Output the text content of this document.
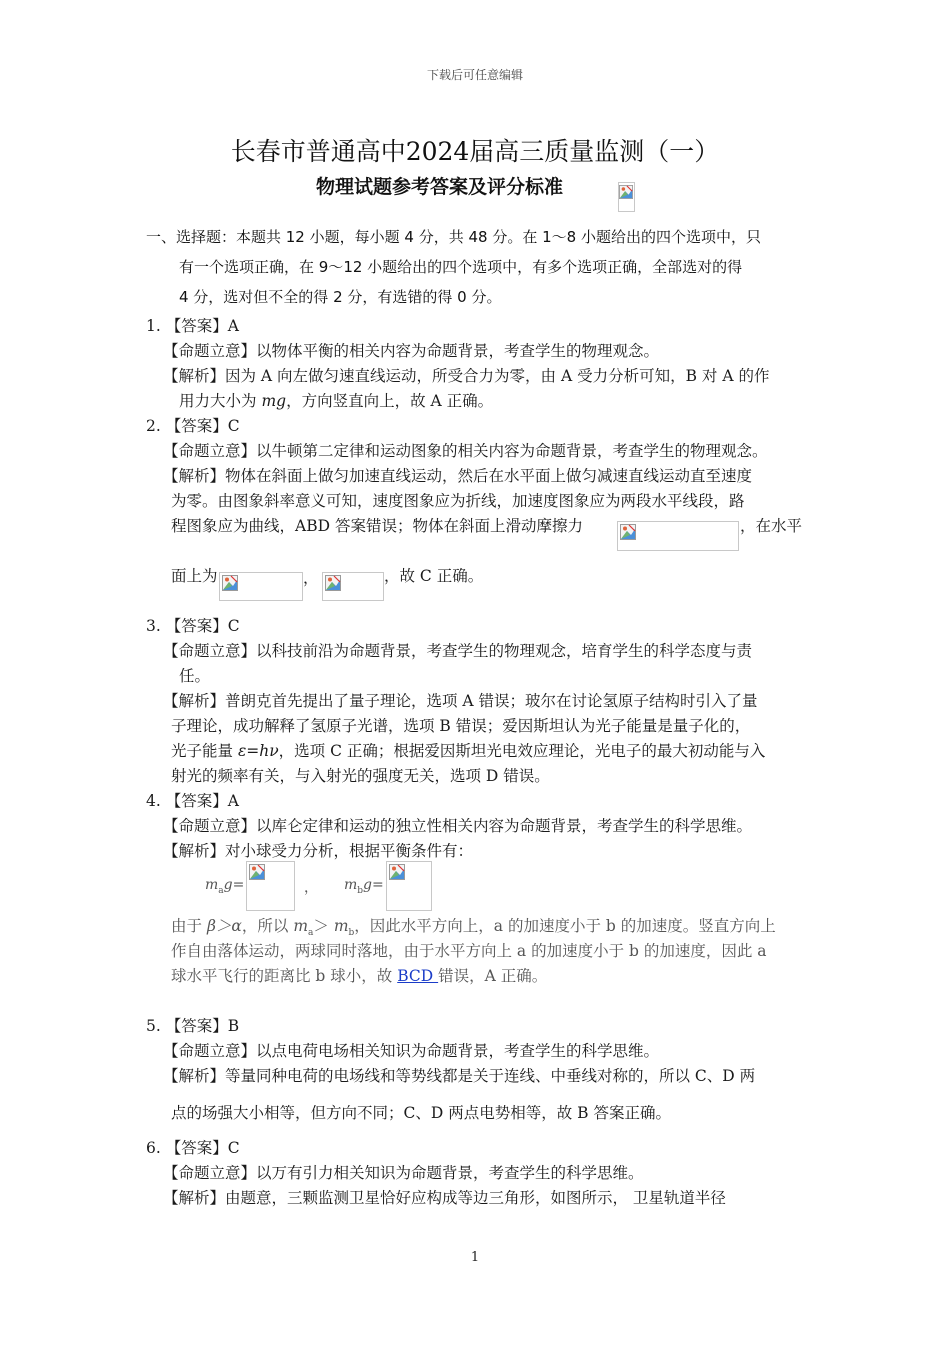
下载后可任意编辑
长春市普通高中2024届高三质量监测（一）
物理试题参考答案及评分标准
一、选择题：本题共 12 小题，每小题 4 分，共 48 分。在 1～8 小题给出的四个选项中，只
有一个选项正确，在 9～12 小题给出的四个选项中，有多个选项正确，全部选对的得
4 分，选对但不全的得 2 分，有选错的得 0 分。
1. 【答案】A
【命题立意】以物体平衡的相关内容为命题背景，考查学生的物理观念。
【解析】因为 A 向左做匀速直线运动，所受合力为零，由 A 受力分析可知，B 对 A 的作
用力大小为 mg，方向竖直向上，故 A 正确。
2. 【答案】C
【命题立意】以牛顿第二定律和运动图象的相关内容为命题背景，考查学生的物理观念。
【解析】物体在斜面上做匀加速直线运动，然后在水平面上做匀减速直线运动直至速度
为零。由图象斜率意义可知，速度图象应为折线，加速度图象应为两段水平线段，路
程图象应为曲线，ABD 答案错误；物体在斜面上滑动摩擦力	，在水平
面上为	，	，故 C 正确。
3. 【答案】C
【命题立意】以科技前沿为命题背景，考查学生的物理观念，培育学生的科学态度与责
任。
【解析】普朗克首先提出了量子理论，选项 A 错误；玻尔在讨论氢原子结构时引入了量
子理论，成功解释了氢原子光谱，选项 B 错误；爱因斯坦认为光子能量是量子化的，
光子能量 ε=hν，选项 C 正确；根据爱因斯坦光电效应理论，光电子的最大初动能与入
射光的频率有关，与入射光的强度无关，选项 D 错误。
4. 【答案】A
【命题立意】以库仑定律和运动的独立性相关内容为命题背景，考查学生的科学思维。
【解析】对小球受力分析，根据平衡条件有：
$m_ag=$	， $m_bg=$
由于 β＞α，所以 $m_a> m_b$，因此水平方向上，a 的加速度小于 b 的加速度。竖直方向上
作自由落体运动，两球同时落地，由于水平方向上 a 的加速度小于 b 的加速度，因此 a
球水平飞行的距离比 b 球小，故 BCD 错误，A 正确。
5. 【答案】B
【命题立意】以点电荷电场相关知识为命题背景，考查学生的科学思维。
【解析】等量同种电荷的电场线和等势线都是关于连线、中垂线对称的，所以 C、D 两
点的场强大小相等，但方向不同；C、D 两点电势相等，故 B 答案正确。
6. 【答案】C
【命题立意】以万有引力相关知识为命题背景，考查学生的科学思维。
【解析】由题意，三颗监测卫星恰好应构成等边三角形，如图所示， 卫星轨道半径
1
